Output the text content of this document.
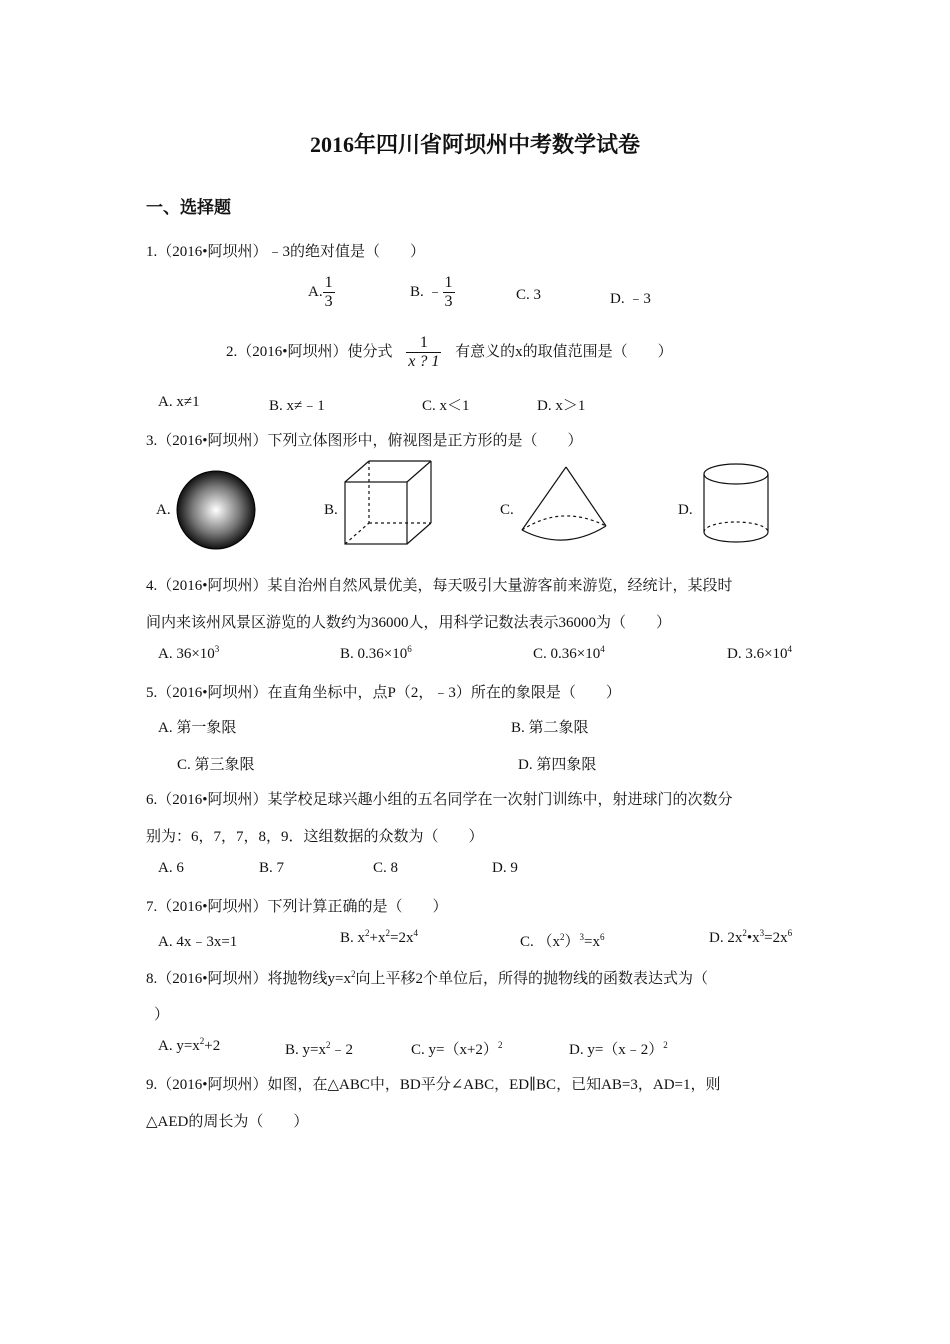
2016年四川省阿坝州中考数学试卷
一、选择题
1.（2016•阿坝州）﹣3的绝对值是（　　）
A. $\frac{1}{3}$	B. ﹣ $\frac{1}{3}$	C. 3	D. ﹣3
2.（2016•阿坝州）使分式 $\frac{1}{x ? 1}$ 有意义的x的取值范围是（　　）
A. x≠1	B. x≠﹣1	C. x＜1	D. x＞1
3.（2016•阿坝州）下列立体图形中，俯视图是正方形的是（　　）
A.	B.	C.	D.
4.（2016•阿坝州）某自治州自然风景优美，每天吸引大量游客前来游览，经统计，某段时
间内来该州风景区游览的人数约为36000人，用科学记数法表示36000为（　　）
A. $36\times 10^3$	B. $0.36\times 10^6$	C. $0.36\times 10^4$	D. $3.6\times 10^4$
5.（2016•阿坝州）在直角坐标中，点P（2，﹣3）所在的象限是（　　）
A. 第一象限	B. 第二象限
C. 第三象限	D. 第四象限
6.（2016•阿坝州）某学校足球兴趣小组的五名同学在一次射门训练中，射进球门的次数分
别为：6，7，7，8，9．这组数据的众数为（　　）
A. 6	B. 7	C. 8	D. 9
7.（2016•阿坝州）下列计算正确的是（　　）
A. 4x﹣3x=1	B. $x^2+x^2=2x^4$
C. $(x^2)^3=x^6$	D. $2x^2•x^3=2x^6$
8.（2016•阿坝州）将抛物线$y=x^2$向上平移2个单位后，所得的抛物线的函数表达式为（
）
A. $y=x^2+2$	B. $y=x^2﹣2$	C. $y=(x+2)^2$	D. y=（x﹣2）$^2$
9.（2016•阿坝州）如图，在△ABC中，BD平分∠ABC，ED∥BC，已知AB=3，AD=1，则
△AED的周长为（　　）
